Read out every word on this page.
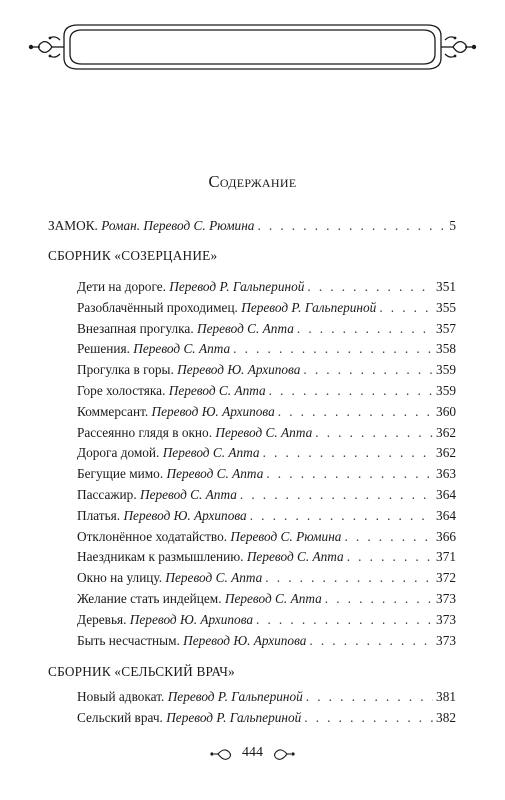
Содержание
ЗАМОК. Роман. Перевод С. Рюмина . . .	5
СБОРНИК «СОЗЕРЦАНИЕ»
Дети на дороге. Перевод Р. Гальпериной . . .	351
Разоблачённый проходимец. Перевод Р. Гальпериной . . .	355
Внезапная прогулка. Перевод С. Апта . . .	357
Решения. Перевод С. Апта . . .	358
Прогулка в горы. Перевод Ю. Архипова . . .	359
Горе холостяка. Перевод С. Апта . . .	359
Коммерсант. Перевод Ю. Архипова . . .	360
Рассеянно глядя в окно. Перевод С. Апта . . .	362
Дорога домой. Перевод С. Апта . . .	362
Бегущие мимо. Перевод С. Апта . . .	363
Пассажир. Перевод С. Апта . . .	364
Платья. Перевод Ю. Архипова . . .	364
Отклонённое ходатайство. Перевод С. Рюмина . . .	366
Наездникам к размышлению. Перевод С. Апта . . .	371
Окно на улицу. Перевод С. Апта . . .	372
Желание стать индейцем. Перевод С. Апта . . .	373
Деревья. Перевод Ю. Архипова . . .	373
Быть несчастным. Перевод Ю. Архипова . . .	373
СБОРНИК «СЕЛЬСКИЙ ВРАЧ»
Новый адвокат. Перевод Р. Гальпериной . . .	381
Сельский врач. Перевод Р. Гальпериной . . .	382
444
